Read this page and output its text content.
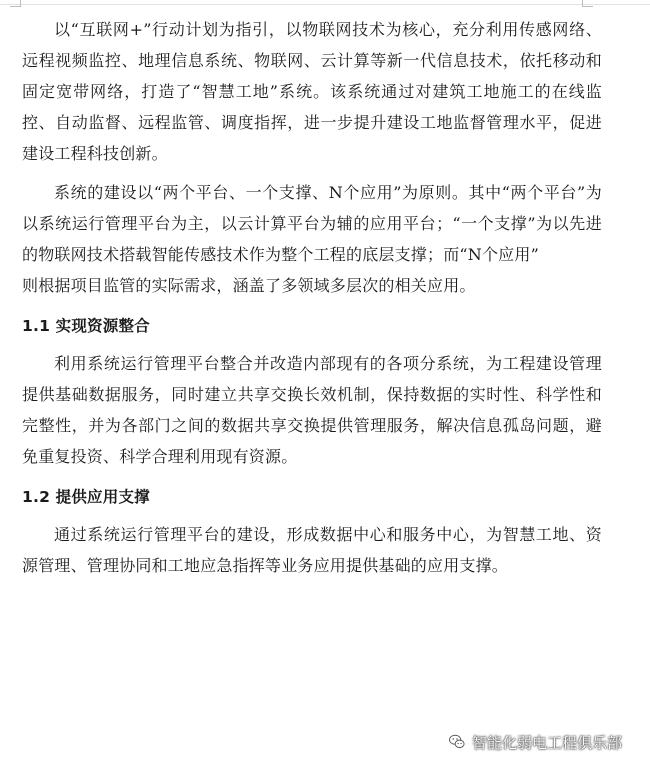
以“互联网+”行动计划为指引，以物联网技术为核心，充分利用传感网络、远程视频监控、地理信息系统、物联网、云计算等新一代信息技术，依托移动和固定宽带网络，打造了“智慧工地”系统。该系统通过对建筑工地施工的在线监控、自动监督、远程监管、调度指挥，进一步提升建设工地监督管理水平，促进建设工程科技创新。

系统的建设以“两个平台、一个支撑、N个应用”为原则。其中“两个平台”为以系统运行管理平台为主，以云计算平台为辅的应用平台；“一个支撑”为以先进的物联网技术搭载智能传感技术作为整个工程的底层支撑；而“N个应用”

则根据项目监管的实际需求，涵盖了多领域多层次的相关应用。

1.1 实现资源整合

利用系统运行管理平台整合并改造内部现有的各项分系统，为工程建设管理提供基础数据服务，同时建立共享交换长效机制，保持数据的实时性、科学性和完整性，并为各部门之间的数据共享交换提供管理服务，解决信息孤岛问题，避免重复投资、科学合理利用现有资源。

1.2 提供应用支撑

通过系统运行管理平台的建设，形成数据中心和服务中心，为智慧工地、资源管理、管理协同和工地应急指挥等业务应用提供基础的应用支撑。

智能化弱电工程俱乐部
